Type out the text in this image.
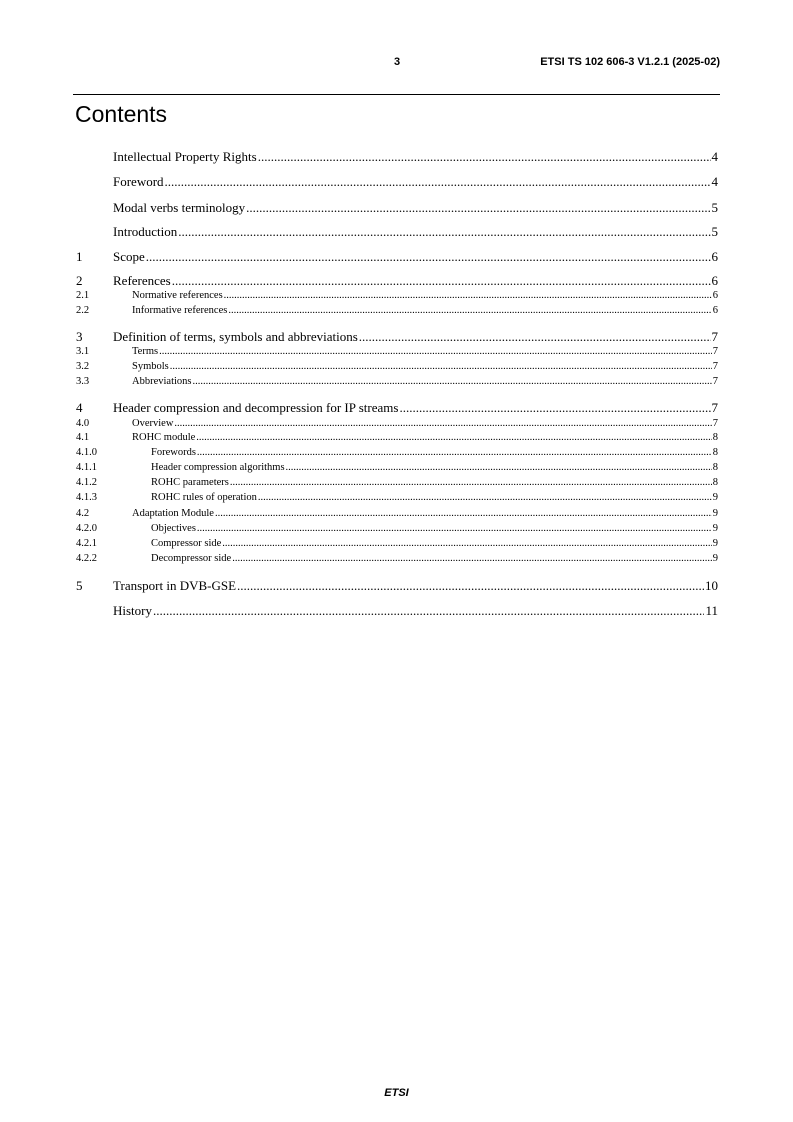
3	ETSI TS 102 606-3 V1.2.1 (2025-02)
Contents
Intellectual Property Rights .....	4
Foreword .....	4
Modal verbs terminology .....	5
Introduction .....	5
1	Scope .....	6
2	References .....	6
2.1	Normative references .....	6
2.2	Informative references .....	6
3	Definition of terms, symbols and abbreviations .....	7
3.1	Terms .....	7
3.2	Symbols .....	7
3.3	Abbreviations .....	7
4	Header compression and decompression for IP streams .....	7
4.0	Overview .....	7
4.1	ROHC module .....	8
4.1.0	Forewords .....	8
4.1.1	Header compression algorithms .....	8
4.1.2	ROHC parameters .....	8
4.1.3	ROHC rules of operation .....	9
4.2	Adaptation Module .....	9
4.2.0	Objectives .....	9
4.2.1	Compressor side .....	9
4.2.2	Decompressor side .....	9
5	Transport in DVB-GSE .....	10
History .....	11
ETSI
